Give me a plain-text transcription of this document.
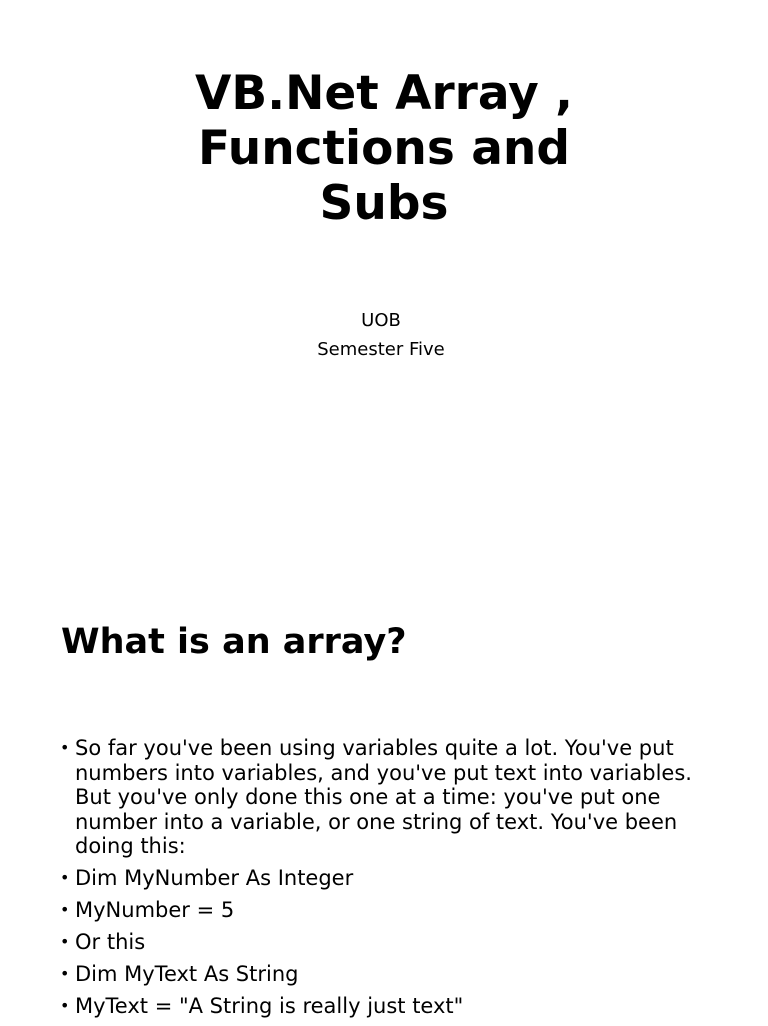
VB.Net Array ,
Functions and
Subs
UOB
Semester Five
What is an array?
• So far you've been using variables quite a lot. You've put numbers into variables, and you've put text into variables. But you've only done this one at a time: you've put one number into a variable, or one string of text. You've been doing this:
• Dim MyNumber As Integer
• MyNumber = 5
• Or this
• Dim MyText As String
• MyText = "A String is really just text"
